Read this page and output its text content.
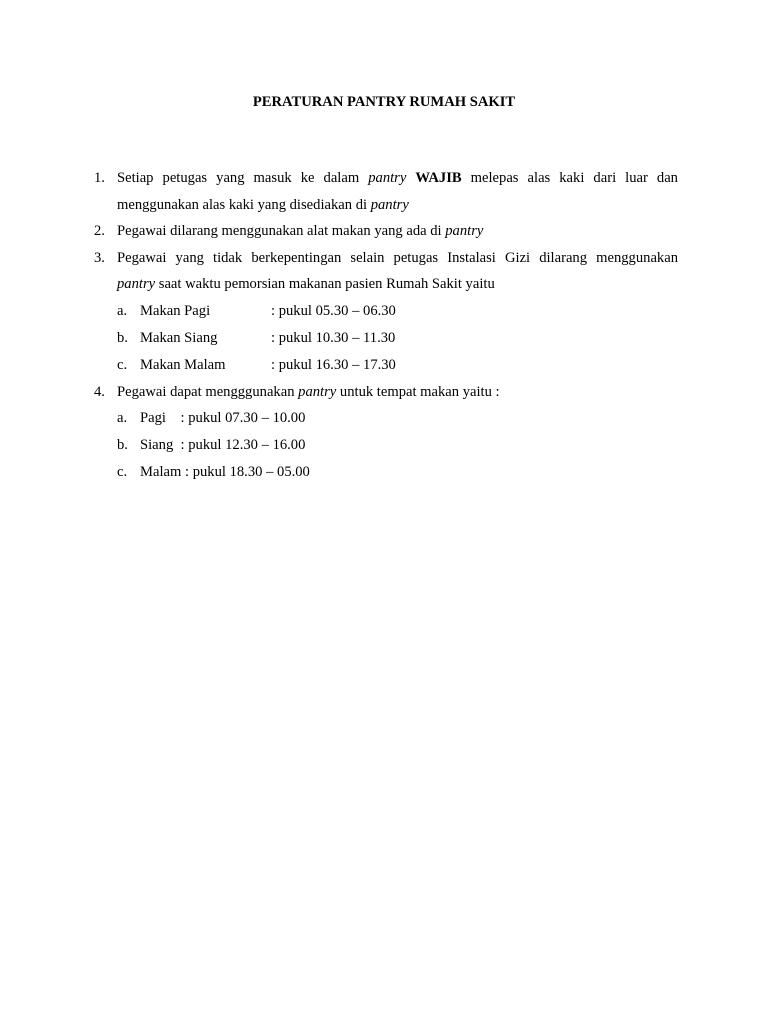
PERATURAN PANTRY RUMAH SAKIT
1. Setiap petugas yang masuk ke dalam pantry WAJIB melepas alas kaki dari luar dan
menggunakan alas kaki yang disediakan di pantry
2. Pegawai dilarang menggunakan alat makan yang ada di pantry
3. Pegawai yang tidak berkepentingan selain petugas Instalasi Gizi dilarang menggunakan
pantry saat waktu pemorsian makanan pasien Rumah Sakit yaitu
a. Makan Pagi	: pukul 05.30 – 06.30
b. Makan Siang	: pukul 10.30 – 11.30
c. Makan Malam	: pukul 16.30 – 17.30
4. Pegawai dapat mengggunakan pantry untuk tempat makan yaitu :
a. Pagi : pukul 07.30 – 10.00
b. Siang : pukul 12.30 – 16.00
c. Malam : pukul 18.30 – 05.00
